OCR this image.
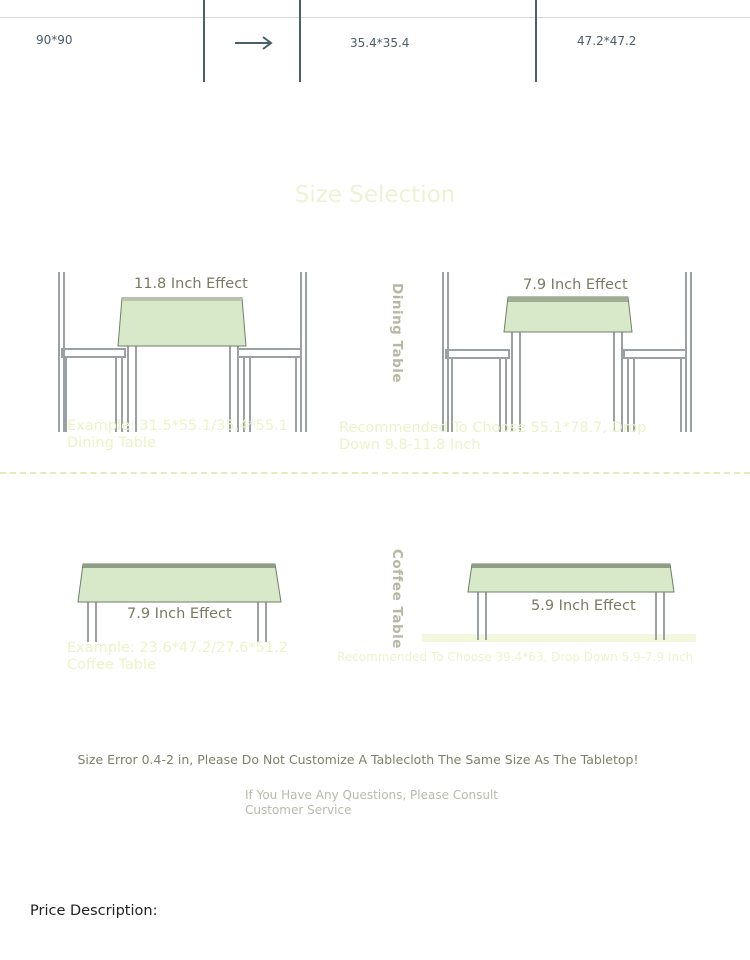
90*90	35.4*35.4	47.2*47.2
Size Selection
11.8 Inch Effect
Example: 31.5*55.1/35.4*55.1 Dining Table
Dining Table	7.9 Inch Effect
Recommended To Choose 55.1*78.7, Drop Down 9.8-11.8 Inch
7.9 Inch Effect
Example: 23.6*47.2/27.6*51.2 Coffee Table
Coffee Table	5.9 Inch Effect
Recommended To Choose 39.4*63, Drop Down 5.9-7.9 Inch
Size Error 0.4-2 in, Please Do Not Customize A Tablecloth The Same Size As The Tabletop!
If You Have Any Questions, Please Consult Customer Service
Price Description:
